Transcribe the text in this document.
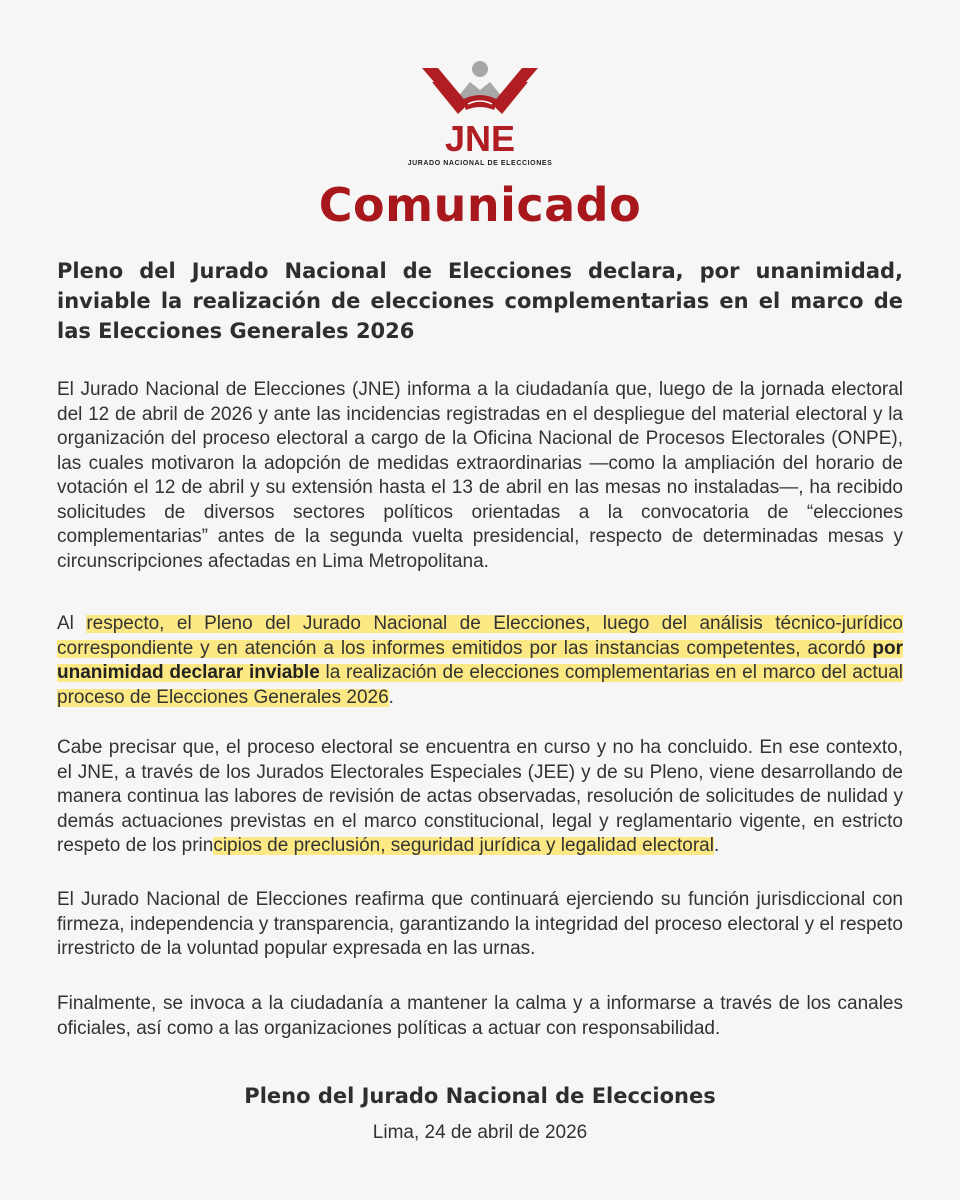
JNE
JURADO NACIONAL DE ELECCIONES
Comunicado
Pleno del Jurado Nacional de Elecciones declara, por unanimidad, inviable la realización de elecciones complementarias en el marco de las Elecciones Generales 2026

El Jurado Nacional de Elecciones (JNE) informa a la ciudadanía que, luego de la jornada electoral del 12 de abril de 2026 y ante las incidencias registradas en el despliegue del material electoral y la organización del proceso electoral a cargo de la Oficina Nacional de Procesos Electorales (ONPE), las cuales motivaron la adopción de medidas extraordinarias —como la ampliación del horario de votación el 12 de abril y su extensión hasta el 13 de abril en las mesas no instaladas—, ha recibido solicitudes de diversos sectores políticos orientadas a la convocatoria de “elecciones complementarias” antes de la segunda vuelta presidencial, respecto de determinadas mesas y circunscripciones afectadas en Lima Metropolitana.

Al respecto, el Pleno del Jurado Nacional de Elecciones, luego del análisis técnico-jurídico correspondiente y en atención a los informes emitidos por las instancias competentes, acordó por unanimidad declarar inviable la realización de elecciones complementarias en el marco del actual proceso de Elecciones Generales 2026.

Cabe precisar que, el proceso electoral se encuentra en curso y no ha concluido. En ese contexto, el JNE, a través de los Jurados Electorales Especiales (JEE) y de su Pleno, viene desarrollando de manera continua las labores de revisión de actas observadas, resolución de solicitudes de nulidad y demás actuaciones previstas en el marco constitucional, legal y reglamentario vigente, en estricto respeto de los principios de preclusión, seguridad jurídica y legalidad electoral.

El Jurado Nacional de Elecciones reafirma que continuará ejerciendo su función jurisdiccional con firmeza, independencia y transparencia, garantizando la integridad del proceso electoral y el respeto irrestricto de la voluntad popular expresada en las urnas.

Finalmente, se invoca a la ciudadanía a mantener la calma y a informarse a través de los canales oficiales, así como a las organizaciones políticas a actuar con responsabilidad.

Pleno del Jurado Nacional de Elecciones
Lima, 24 de abril de 2026
